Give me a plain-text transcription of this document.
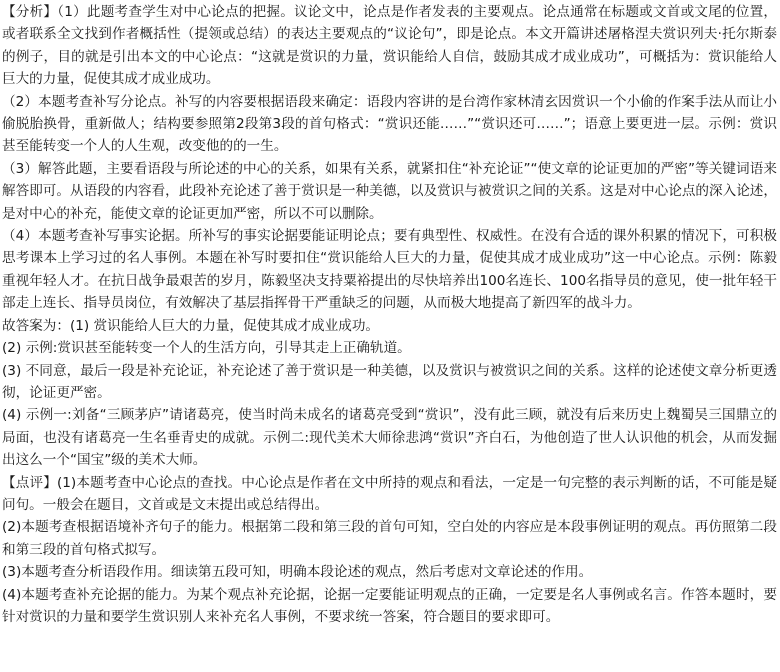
【分析】（1）此题考查学生对中心论点的把握。议论文中，论点是作者发表的主要观点。论点通常在标题或文首或文尾的位置，或者联系全文找到作者概括性（提领或总结）的表达主要观点的“议论句”，即是论点。本文开篇讲述屠格涅夫赏识列夫·托尔斯泰的例子，目的就是引出本文的中心论点：“这就是赏识的力量，赏识能给人自信，鼓励其成才成业成功”，可概括为：赏识能给人巨大的力量，促使其成才成业成功。

（2）本题考查补写分论点。补写的内容要根据语段来确定：语段内容讲的是台湾作家林清玄因赏识一个小偷的作案手法从而让小偷脱胎换骨，重新做人；结构要参照第2段第3段的首句格式：“赏识还能……”“赏识还可……”；语意上要更进一层。示例：赏识甚至能转变一个人的人生观，改变他的的一生。

（3）解答此题，主要看语段与所论述的中心的关系，如果有关系，就紧扣住“补充论证”“使文章的论证更加的严密”等关键词语来解答即可。从语段的内容看，此段补充论述了善于赏识是一种美德，以及赏识与被赏识之间的关系。这是对中心论点的深入论述，是对中心的补充，能使文章的论证更加严密，所以不可以删除。

（4）本题考查补写事实论据。所补写的事实论据要能证明论点；要有典型性、权威性。在没有合适的课外积累的情况下，可积极思考课本上学习过的名人事例。本题在补写时要扣住“赏识能给人巨大的力量，促使其成才成业成功”这一中心论点。示例：陈毅重视年轻人才。在抗日战争最艰苦的岁月，陈毅坚决支持粟裕提出的尽快培养出100名连长、100名指导员的意见，使一批年轻干部走上连长、指导员岗位，有效解决了基层指挥骨干严重缺乏的问题，从而极大地提高了新四军的战斗力。

故答案为：(1) 赏识能给人巨大的力量，促使其成才成业成功。

(2) 示例:赏识甚至能转变一个人的生活方向，引导其走上正确轨道。

(3) 不同意，最后一段是补充论证，补充论述了善于赏识是一种美德，以及赏识与被赏识之间的关系。这样的论述使文章分析更透彻，论证更严密。

(4) 示例一:刘备“三顾茅庐”请诸葛亮，使当时尚未成名的诸葛亮受到“赏识”，没有此三顾，就没有后来历史上魏蜀吴三国鼎立的局面，也没有诸葛亮一生名垂青史的成就。示例二:现代美术大师徐悲鸿“赏识”齐白石，为他创造了世人认识他的机会，从而发掘出这么一个“国宝”级的美术大师。

【点评】(1)本题考查中心论点的查找。中心论点是作者在文中所持的观点和看法，一定是一句完整的表示判断的话，不可能是疑问句。一般会在题目，文首或是文末提出或总结得出。

(2)本题考查根据语境补齐句子的能力。根据第二段和第三段的首句可知，空白处的内容应是本段事例证明的观点。再仿照第二段和第三段的首句格式拟写。

(3)本题考查分析语段作用。细读第五段可知，明确本段论述的观点，然后考虑对文章论述的作用。

(4)本题考查补充论据的能力。为某个观点补充论据，论据一定要能证明观点的正确，一定要是名人事例或名言。作答本题时，要针对赏识的力量和要学生赏识别人来补充名人事例，不要求统一答案，符合题目的要求即可。
